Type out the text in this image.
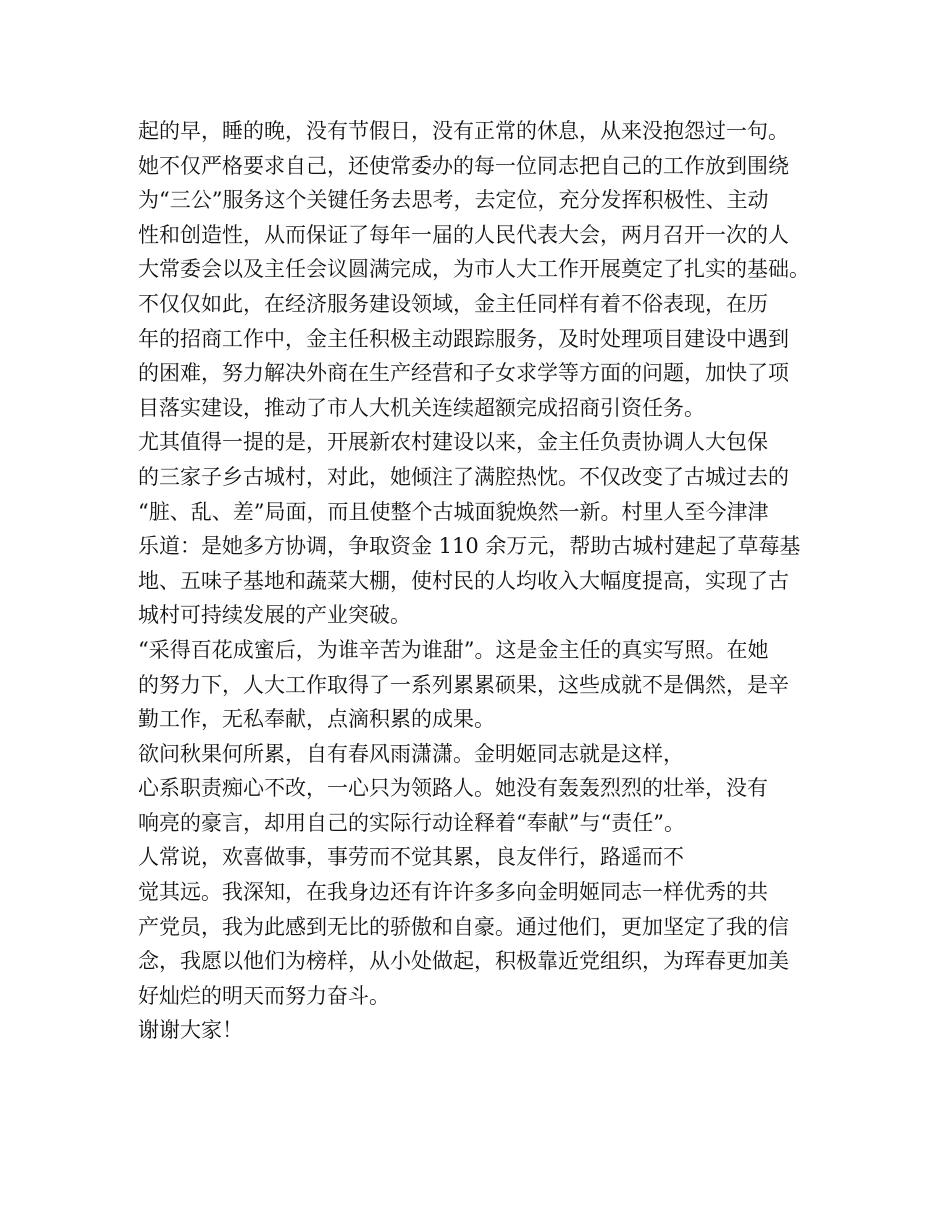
起的早，睡的晚，没有节假日，没有正常的休息，从来没抱怨过一句。
她不仅严格要求自己，还使常委办的每一位同志把自己的工作放到围绕
为“三公”服务这个关键任务去思考，去定位，充分发挥积极性、主动
性和创造性，从而保证了每年一届的人民代表大会，两月召开一次的人
大常委会以及主任会议圆满完成，为市人大工作开展奠定了扎实的基础。
不仅仅如此，在经济服务建设领域，金主任同样有着不俗表现，在历
年的招商工作中，金主任积极主动跟踪服务，及时处理项目建设中遇到
的困难，努力解决外商在生产经营和子女求学等方面的问题，加快了项
目落实建设，推动了市人大机关连续超额完成招商引资任务。
尤其值得一提的是，开展新农村建设以来，金主任负责协调人大包保
的三家子乡古城村，对此，她倾注了满腔热忱。不仅改变了古城过去的
“脏、乱、差”局面，而且使整个古城面貌焕然一新。村里人至今津津
乐道：是她多方协调，争取资金 110 余万元，帮助古城村建起了草莓基
地、五味子基地和蔬菜大棚，使村民的人均收入大幅度提高，实现了古
城村可持续发展的产业突破。
“采得百花成蜜后，为谁辛苦为谁甜”。这是金主任的真实写照。在她
的努力下，人大工作取得了一系列累累硕果，这些成就不是偶然，是辛
勤工作，无私奉献，点滴积累的成果。
欲问秋果何所累，自有春风雨潇潇。金明姬同志就是这样，
心系职责痴心不改，一心只为领路人。她没有轰轰烈烈的壮举，没有
响亮的豪言，却用自己的实际行动诠释着“奉献”与“责任”。
人常说，欢喜做事，事劳而不觉其累，良友伴行，路遥而不
觉其远。我深知，在我身边还有许许多多向金明姬同志一样优秀的共
产党员，我为此感到无比的骄傲和自豪。通过他们，更加坚定了我的信
念，我愿以他们为榜样，从小处做起，积极靠近党组织，为珲春更加美
好灿烂的明天而努力奋斗。
谢谢大家！
